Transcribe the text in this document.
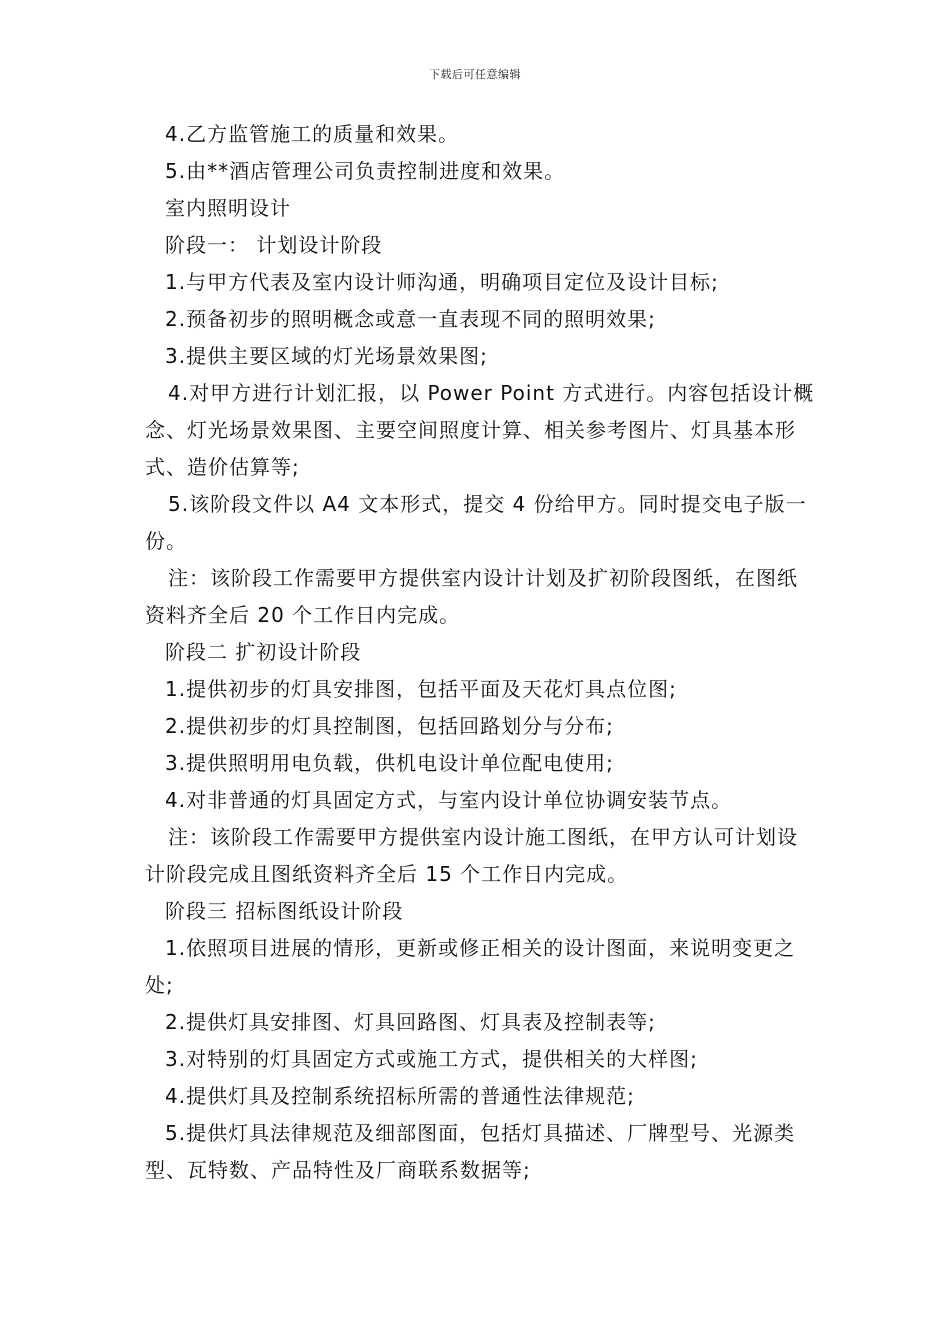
下载后可任意编辑

4.乙方监管施工的质量和效果。

5.由**酒店管理公司负责控制进度和效果。

室内照明设计

阶段一： 计划设计阶段

1.与甲方代表及室内设计师沟通，明确项目定位及设计目标;

2.预备初步的照明概念或意一直表现不同的照明效果;

3.提供主要区域的灯光场景效果图;

4.对甲方进行计划汇报，以 Power Point 方式进行。内容包括设计概念、灯光场景效果图、主要空间照度计算、相关参考图片、灯具基本形式、造价估算等;

5.该阶段文件以 A4 文本形式，提交 4 份给甲方。同时提交电子版一份。

注：该阶段工作需要甲方提供室内设计计划及扩初阶段图纸，在图纸资料齐全后 20 个工作日内完成。

阶段二 扩初设计阶段

1.提供初步的灯具安排图，包括平面及天花灯具点位图;

2.提供初步的灯具控制图，包括回路划分与分布;

3.提供照明用电负载，供机电设计单位配电使用;

4.对非普通的灯具固定方式，与室内设计单位协调安装节点。

注：该阶段工作需要甲方提供室内设计施工图纸，在甲方认可计划设计阶段完成且图纸资料齐全后 15 个工作日内完成。

阶段三 招标图纸设计阶段

1.依照项目进展的情形，更新或修正相关的设计图面，来说明变更之处;

2.提供灯具安排图、灯具回路图、灯具表及控制表等;

3.对特别的灯具固定方式或施工方式，提供相关的大样图;

4.提供灯具及控制系统招标所需的普通性法律规范;

5.提供灯具法律规范及细部图面，包括灯具描述、厂牌型号、光源类型、瓦特数、产品特性及厂商联系数据等;
